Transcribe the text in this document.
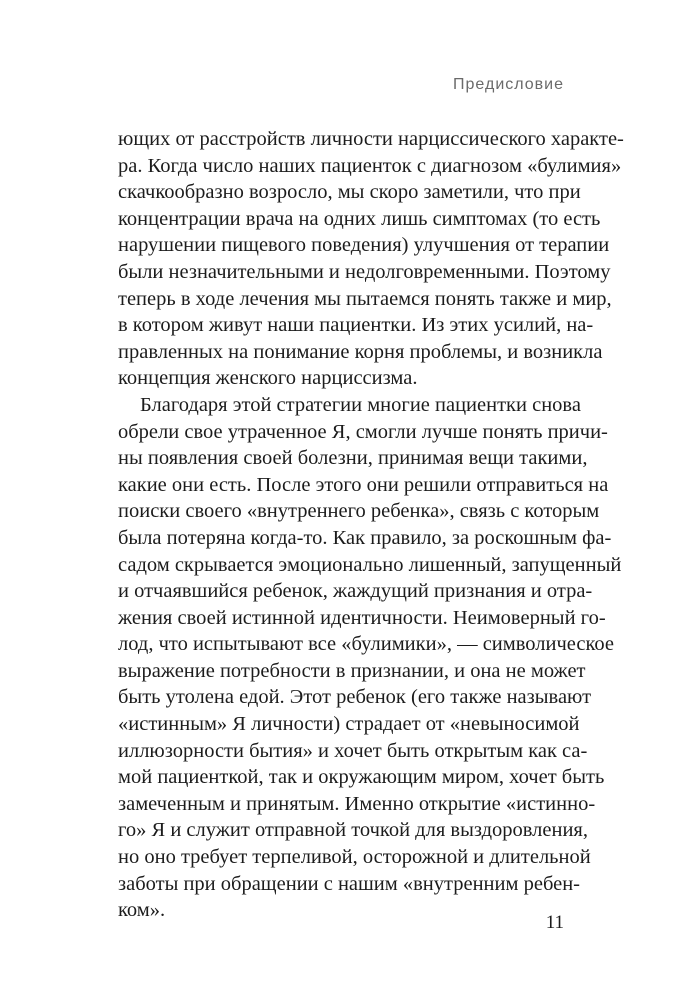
Предисловие
ющих от расстройств личности нарциссического характе-
ра. Когда число наших пациенток с диагнозом «булимия»
скачкообразно возросло, мы скоро заметили, что при
концентрации врача на одних лишь симптомах (то есть
нарушении пищевого поведения) улучшения от терапии
были незначительными и недолговременными. Поэтому
теперь в ходе лечения мы пытаемся понять также и мир,
в котором живут наши пациентки. Из этих усилий, на-
правленных на понимание корня проблемы, и возникла
концепция женского нарциссизма.
Благодаря этой стратегии многие пациентки снова
обрели свое утраченное Я, смогли лучше понять причи-
ны появления своей болезни, принимая вещи такими,
какие они есть. После этого они решили отправиться на
поиски своего «внутреннего ребенка», связь с которым
была потеряна когда-то. Как правило, за роскошным фа-
садом скрывается эмоционально лишенный, запущенный
и отчаявшийся ребенок, жаждущий признания и отра-
жения своей истинной идентичности. Неимоверный го-
лод, что испытывают все «булимики», — символическое
выражение потребности в признании, и она не может
быть утолена едой. Этот ребенок (его также называют
«истинным» Я личности) страдает от «невыносимой
иллюзорности бытия» и хочет быть открытым как са-
мой пациенткой, так и окружающим миром, хочет быть
замеченным и принятым. Именно открытие «истинно-
го» Я и служит отправной точкой для выздоровления,
но оно требует терпеливой, осторожной и длительной
заботы при обращении с нашим «внутренним ребен-
ком».
11
